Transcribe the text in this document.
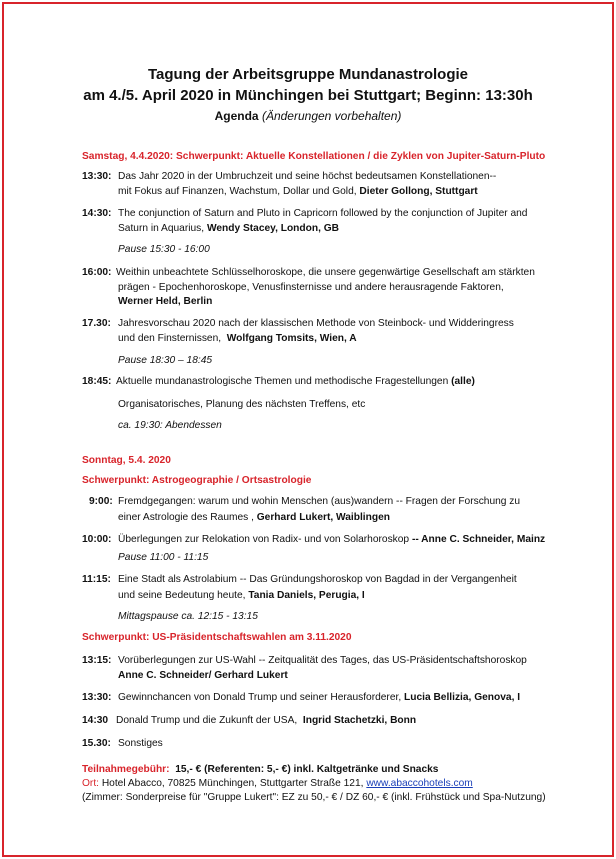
Tagung der Arbeitsgruppe Mundanastrologie
am 4./5. April 2020 in Münchingen bei Stuttgart; Beginn: 13:30h
Agenda (Änderungen vorbehalten)
Samstag, 4.4.2020: Schwerpunkt: Aktuelle Konstellationen / die Zyklen von Jupiter-Saturn-Pluto
13:30: Das Jahr 2020 in der Umbruchzeit und seine höchst bedeutsamen Konstellationen--
mit Fokus auf Finanzen, Wachstum, Dollar und Gold, Dieter Gollong, Stuttgart
14:30: The conjunction of Saturn and Pluto in Capricorn followed by the conjunction of Jupiter and
Saturn in Aquarius, Wendy Stacey, London, GB
Pause 15:30 - 16:00
16:00: Weithin unbeachtete Schlüsselhoroskope, die unsere gegenwärtige Gesellschaft am stärkten
prägen - Epochenhoroskope, Venusfinsternisse und andere herausragende Faktoren,
Werner Held, Berlin
17.30: Jahresvorschau 2020 nach der klassischen Methode von Steinbock- und Widderingress
und den Finsternissen, Wolfgang Tomsits, Wien, A
Pause 18:30 – 18:45
18:45: Aktuelle mundanastrologische Themen und methodische Fragestellungen (alle)
Organisatorisches, Planung des nächsten Treffens, etc
ca. 19:30: Abendessen
Sonntag, 5.4. 2020
Schwerpunkt: Astrogeographie / Ortsastrologie
9:00: Fremdgegangen: warum und wohin Menschen (aus)wandern -- Fragen der Forschung zu
einer Astrologie des Raumes , Gerhard Lukert, Waiblingen
10:00: Überlegungen zur Relokation von Radix- und von Solarhoroskop -- Anne C. Schneider, Mainz
Pause 11:00 - 11:15
11:15: Eine Stadt als Astrolabium -- Das Gründungshoroskop von Bagdad in der Vergangenheit
und seine Bedeutung heute, Tania Daniels, Perugia, I
Mittagspause ca. 12:15 - 13:15
Schwerpunkt: US-Präsidentschaftswahlen am 3.11.2020
13:15: Vorüberlegungen zur US-Wahl -- Zeitqualität des Tages, das US-Präsidentschaftshoroskop
Anne C. Schneider/ Gerhard Lukert
13:30: Gewinnchancen von Donald Trump und seiner Herausforderer, Lucia Bellizia, Genova, I
14:30 Donald Trump und die Zukunft der USA, Ingrid Stachetzki, Bonn
15.30: Sonstiges
Teilnahmegebühr: 15,- € (Referenten: 5,- €) inkl. Kaltgetränke und Snacks
Ort: Hotel Abacco, 70825 Münchingen, Stuttgarter Straße 121, www.abaccohotels.com
(Zimmer: Sonderpreise für "Gruppe Lukert": EZ zu 50,- € / DZ 60,- € (inkl. Frühstück und Spa-Nutzung)
